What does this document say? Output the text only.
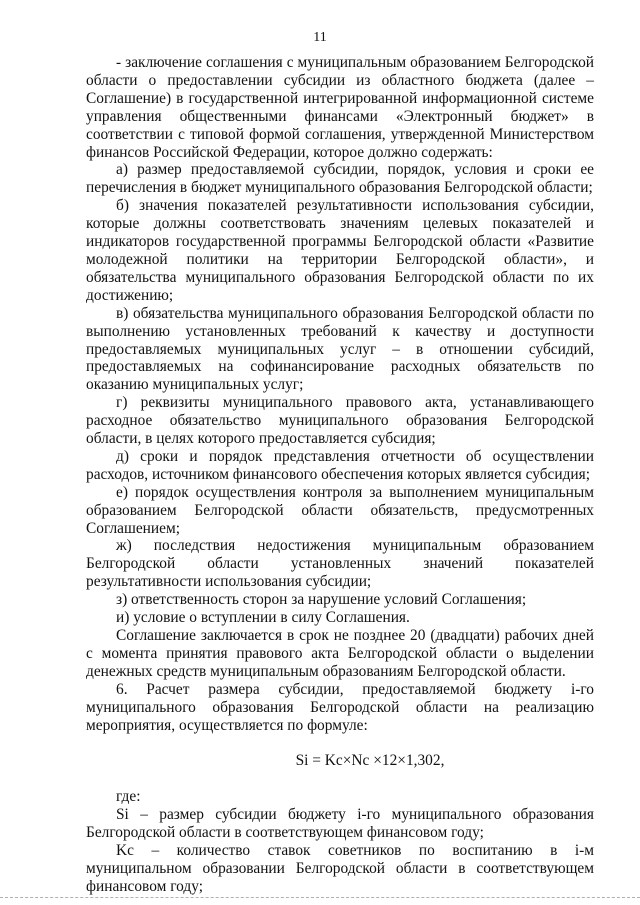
11

- заключение соглашения с муниципальным образованием Белгородской области о предоставлении субсидии из областного бюджета (далее – Соглашение) в государственной интегрированной информационной системе управления общественными финансами «Электронный бюджет» в соответствии с типовой формой соглашения, утвержденной Министерством финансов Российской Федерации, которое должно содержать:

а) размер предоставляемой субсидии, порядок, условия и сроки ее перечисления в бюджет муниципального образования Белгородской области;

б) значения показателей результативности использования субсидии, которые должны соответствовать значениям целевых показателей и индикаторов государственной программы Белгородской области «Развитие молодежной политики на территории Белгородской области», и обязательства муниципального образования Белгородской области по их достижению;

в) обязательства муниципального образования Белгородской области по выполнению установленных требований к качеству и доступности предоставляемых муниципальных услуг – в отношении субсидий, предоставляемых на софинансирование расходных обязательств по оказанию муниципальных услуг;

г) реквизиты муниципального правового акта, устанавливающего расходное обязательство муниципального образования Белгородской области, в целях которого предоставляется субсидия;

д) сроки и порядок представления отчетности об осуществлении расходов, источником финансового обеспечения которых является субсидия;

е) порядок осуществления контроля за выполнением муниципальным образованием Белгородской области обязательств, предусмотренных Соглашением;

ж) последствия недостижения муниципальным образованием Белгородской области установленных значений показателей результативности использования субсидии;

з) ответственность сторон за нарушение условий Соглашения;

и) условие о вступлении в силу Соглашения.

Соглашение заключается в срок не позднее 20 (двадцати) рабочих дней с момента принятия правового акта Белгородской области о выделении денежных средств муниципальным образованиям Белгородской области.

6. Расчет размера субсидии, предоставляемой бюджету i-го муниципального образования Белгородской области на реализацию мероприятия, осуществляется по формуле:

Si = Kc×Nc ×12×1,302,

где:

Si – размер субсидии бюджету i-го муниципального образования Белгородской области в соответствующем финансовом году;

Kc – количество ставок советников по воспитанию в i-м муниципальном образовании Белгородской области в соответствующем финансовом году;
